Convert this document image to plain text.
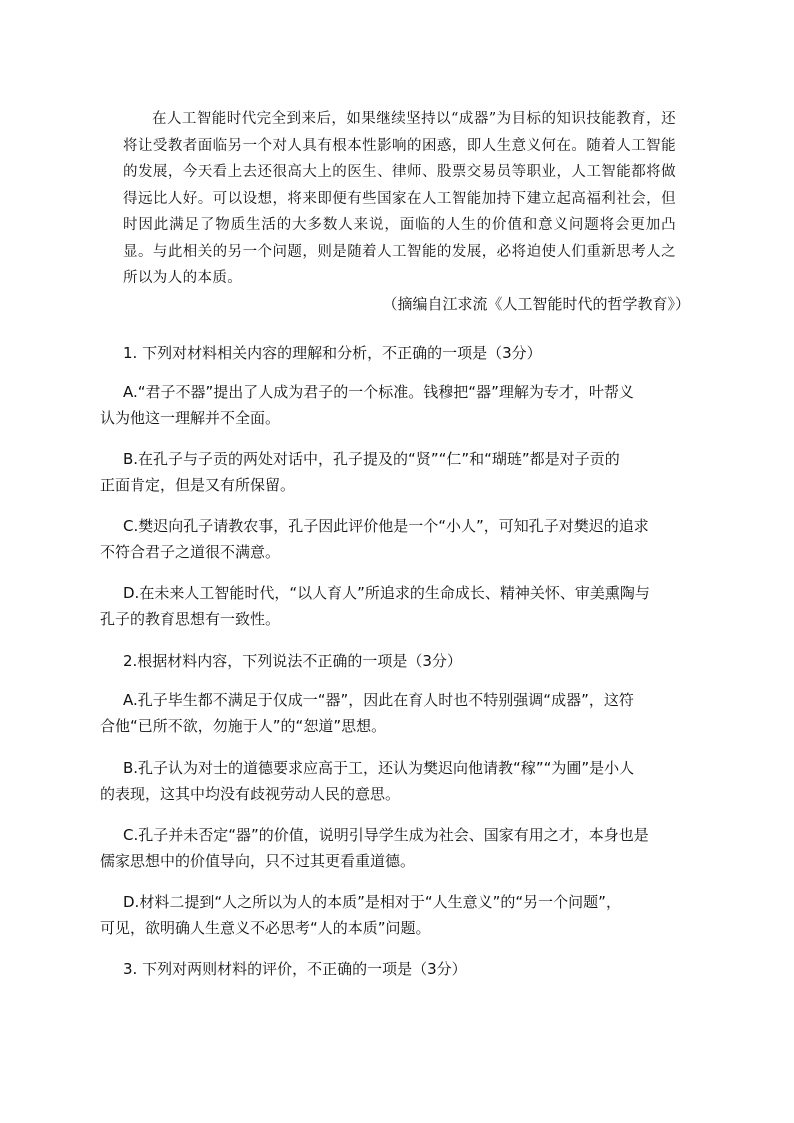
在人工智能时代完全到来后，如果继续坚持以“成器”为目标的知识技能教育，还将让受教者面临另一个对人具有根本性影响的困惑，即人生意义何在。随着人工智能的发展，今天看上去还很高大上的医生、律师、股票交易员等职业，人工智能都将做得远比人好。可以设想，将来即便有些国家在人工智能加持下建立起高福利社会，但时因此满足了物质生活的大多数人来说，面临的人生的价值和意义问题将会更加凸显。与此相关的另一个问题，则是随着人工智能的发展，必将迫使人们重新思考人之所以为人的本质。

（摘编自江求流《人工智能时代的哲学教育》）

1. 下列对材料相关内容的理解和分析，不正确的一项是（3分）

A.“君子不器”提出了人成为君子的一个标准。钱穆把“器”理解为专才，叶帮义

认为他这一理解并不全面。

B.在孔子与子贡的两处对话中，孔子提及的“贤”“仁”和“瑚琏”都是对子贡的

正面肯定，但是又有所保留。

C.樊迟向孔子请教农事，孔子因此评价他是一个“小人”，可知孔子对樊迟的追求

不符合君子之道很不满意。

D.在未来人工智能时代，“以人育人”所追求的生命成长、精神关怀、审美熏陶与

孔子的教育思想有一致性。

2.根据材料内容，下列说法不正确的一项是（3分）

A.孔子毕生都不满足于仅成一“器”，因此在育人时也不特别强调“成器”，这符

合他“已所不欲，勿施于人”的“恕道”思想。

B.孔子认为对士的道德要求应高于工，还认为樊迟向他请教“稼”“为圃”是小人

的表现，这其中均没有歧视劳动人民的意思。

C.孔子并未否定“器”的价值，说明引导学生成为社会、国家有用之才，本身也是

儒家思想中的价值导向，只不过其更看重道德。

D.材料二提到“人之所以为人的本质”是相对于“人生意义”的“另一个问题”，

可见，欲明确人生意义不必思考“人的本质”问题。

3. 下列对两则材料的评价，不正确的一项是（3分）
